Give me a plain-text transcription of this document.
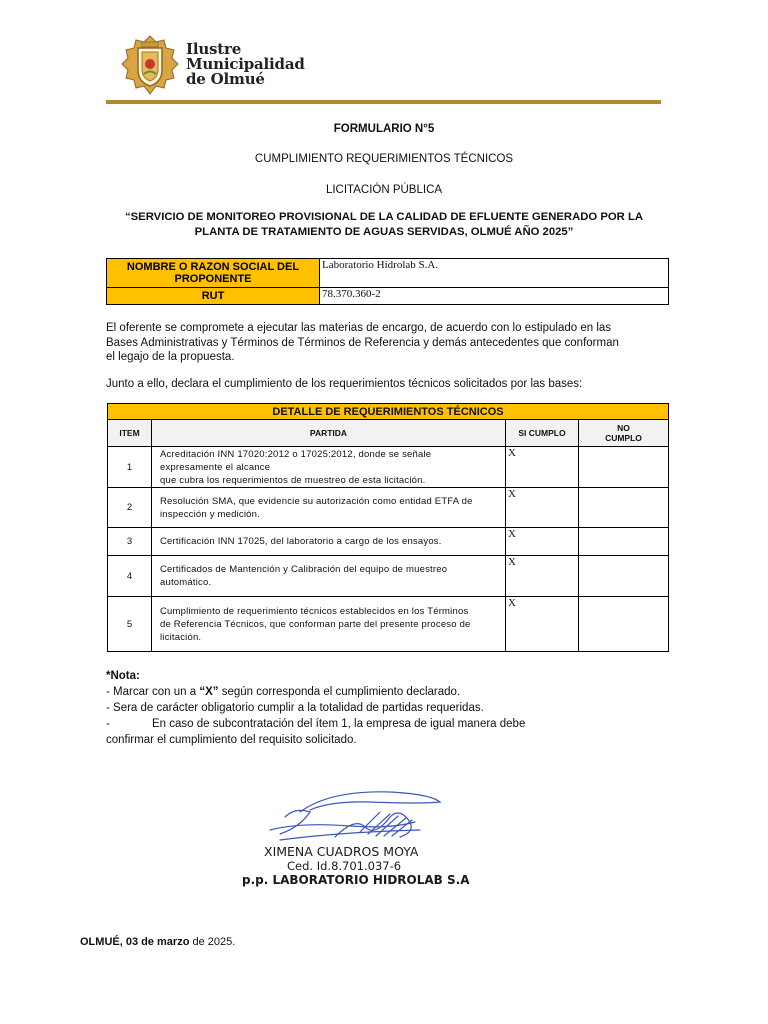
Ilustre
Municipalidad
de Olmué
FORMULARIO N°5
CUMPLIMIENTO REQUERIMIENTOS TÉCNICOS
LICITACIÓN PÚBLICA
“SERVICIO DE MONITOREO PROVISIONAL DE LA CALIDAD DE EFLUENTE GENERADO POR LA
PLANTA DE TRATAMIENTO DE AGUAS SERVIDAS, OLMUÉ AÑO 2025”
NOMBRE O RAZON SOCIAL DEL
PROPONENTE	Laboratorio Hidrolab S.A.
RUT	78.370.360-2
El oferente se compromete a ejecutar las materias de encargo, de acuerdo con lo estipulado en las
Bases Administrativas y Términos de Términos de Referencia y demás antecedentes que conforman
el legajo de la propuesta.
Junto a ello, declara el cumplimiento de los requerimientos técnicos solicitados por las bases:
DETALLE DE REQUERIMIENTOS TÉCNICOS			
ITEM	PARTIDA	SI CUMPLO	NO
CUMPLO

1	Acreditación INN 17020:2012 o 17025:2012, donde se señale
expresamente el alcance
que cubra los requerimientos de muestreo de esta licitación.	X	
2	Resolución SMA, que evidencie su autorización como entidad ETFA de
inspección y medición.	X	
3	Certificación INN 17025, del laboratorio a cargo de los ensayos.	X	
4	Certificados de Mantención y Calibración del equipo de muestreo
automático.	X	
5	Cumplimiento de requerimiento técnicos establecidos en los Términos
de Referencia Técnicos, que conforman parte del presente proceso de
licitación.	X	
*Nota:
- Marcar con un a “X” según corresponda el cumplimiento declarado.
- Sera de carácter obligatorio cumplir a la totalidad de partidas requeridas.
-	En caso de subcontratación del ítem 1, la empresa de igual manera debe
confirmar el cumplimiento del requisito solicitado.
XIMENA CUADROS MOYA
Ced. Id.8.701.037-6
p.p. LABORATORIO HIDROLAB S.A
OLMUÉ, 03 de marzo de 2025.
